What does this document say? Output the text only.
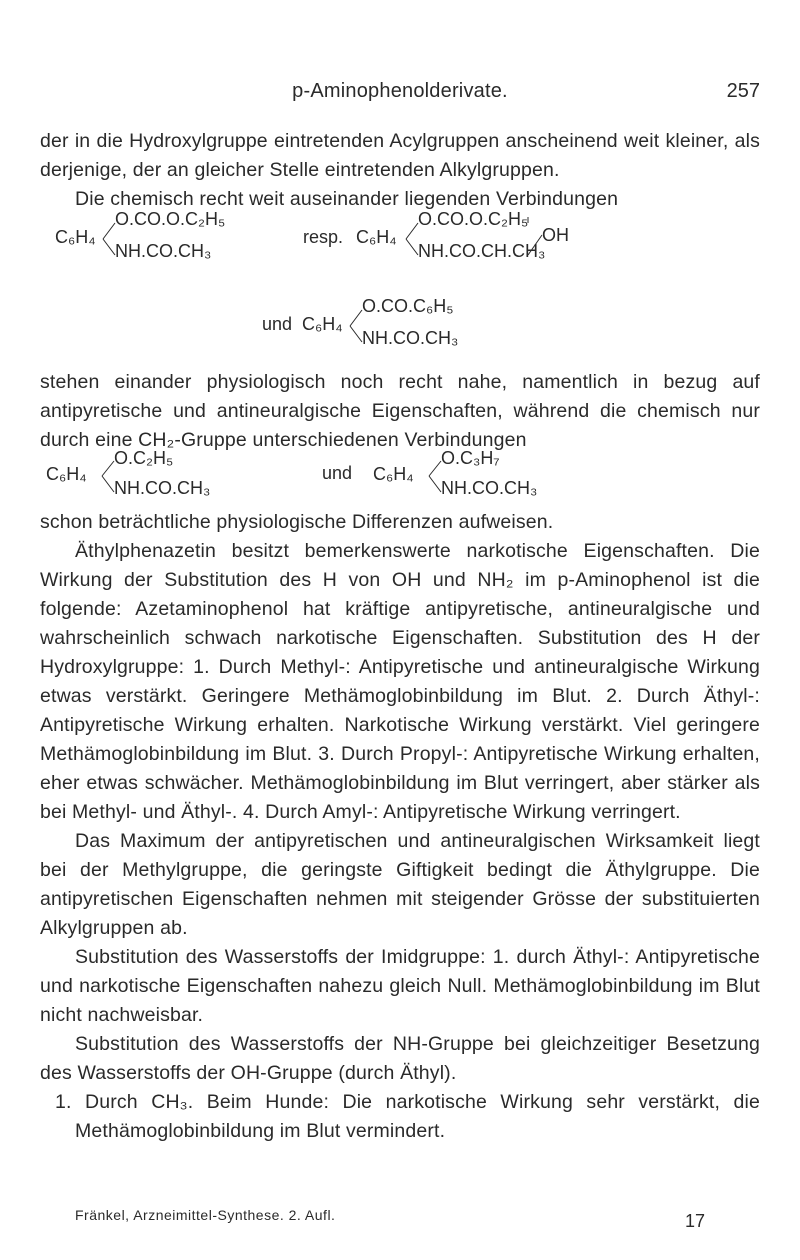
p-Aminophenolderivate.	257

der in die Hydroxylgruppe eintretenden Acylgruppen anscheinend weit kleiner, als derjenige, der an gleicher Stelle eintretenden Alkylgruppen.

Die chemisch recht weit auseinander liegenden Verbindungen

C₆H₄
O.CO.O.C₂H₅
NH.CO.CH₃
resp. C₆H₄
O.CO.O.C₂H₅
OH
NH.CO.CH.CH₃
und C₆H₄
O.CO.C₆H₅
NH.CO.CH₃

stehen einander physiologisch noch recht nahe, namentlich in bezug auf antipyretische und antineuralgische Eigenschaften, während die chemisch nur durch eine CH₂-Gruppe unterschiedenen Verbindungen

C₆H₄
O.C₂H₅
NH.CO.CH₃
und C₆H₄
O.C₃H₇
NH.CO.CH₃

schon beträchtliche physiologische Differenzen aufweisen.

Äthylphenazetin besitzt bemerkenswerte narkotische Eigenschaften. Die Wirkung der Substitution des H von OH und NH₂ im p-Aminophenol ist die folgende: Azetaminophenol hat kräftige antipyretische, antineuralgische und wahrscheinlich schwach narkotische Eigenschaften. Substitution des H der Hydroxylgruppe: 1. Durch Methyl-: Antipyretische und antineuralgische Wirkung etwas verstärkt. Geringere Methämoglobinbildung im Blut. 2. Durch Äthyl-: Antipyretische Wirkung erhalten. Narkotische Wirkung verstärkt. Viel geringere Methämoglobinbildung im Blut. 3. Durch Propyl-: Antipyretische Wirkung erhalten, eher etwas schwächer. Methämoglobinbildung im Blut verringert, aber stärker als bei Methyl- und Äthyl-. 4. Durch Amyl-: Antipyretische Wirkung verringert.

Das Maximum der antipyretischen und antineuralgischen Wirksamkeit liegt bei der Methylgruppe, die geringste Giftigkeit bedingt die Äthylgruppe. Die antipyretischen Eigenschaften nehmen mit steigender Grösse der substituierten Alkylgruppen ab.

Substitution des Wasserstoffs der Imidgruppe: 1. durch Äthyl-: Antipyretische und narkotische Eigenschaften nahezu gleich Null. Methämoglobinbildung im Blut nicht nachweisbar.

Substitution des Wasserstoffs der NH-Gruppe bei gleichzeitiger Besetzung des Wasserstoffs der OH-Gruppe (durch Äthyl).

1. Durch CH₃. Beim Hunde: Die narkotische Wirkung sehr verstärkt, die Methämoglobinbildung im Blut vermindert.

Fränkel, Arzneimittel-Synthese. 2. Aufl.	17
